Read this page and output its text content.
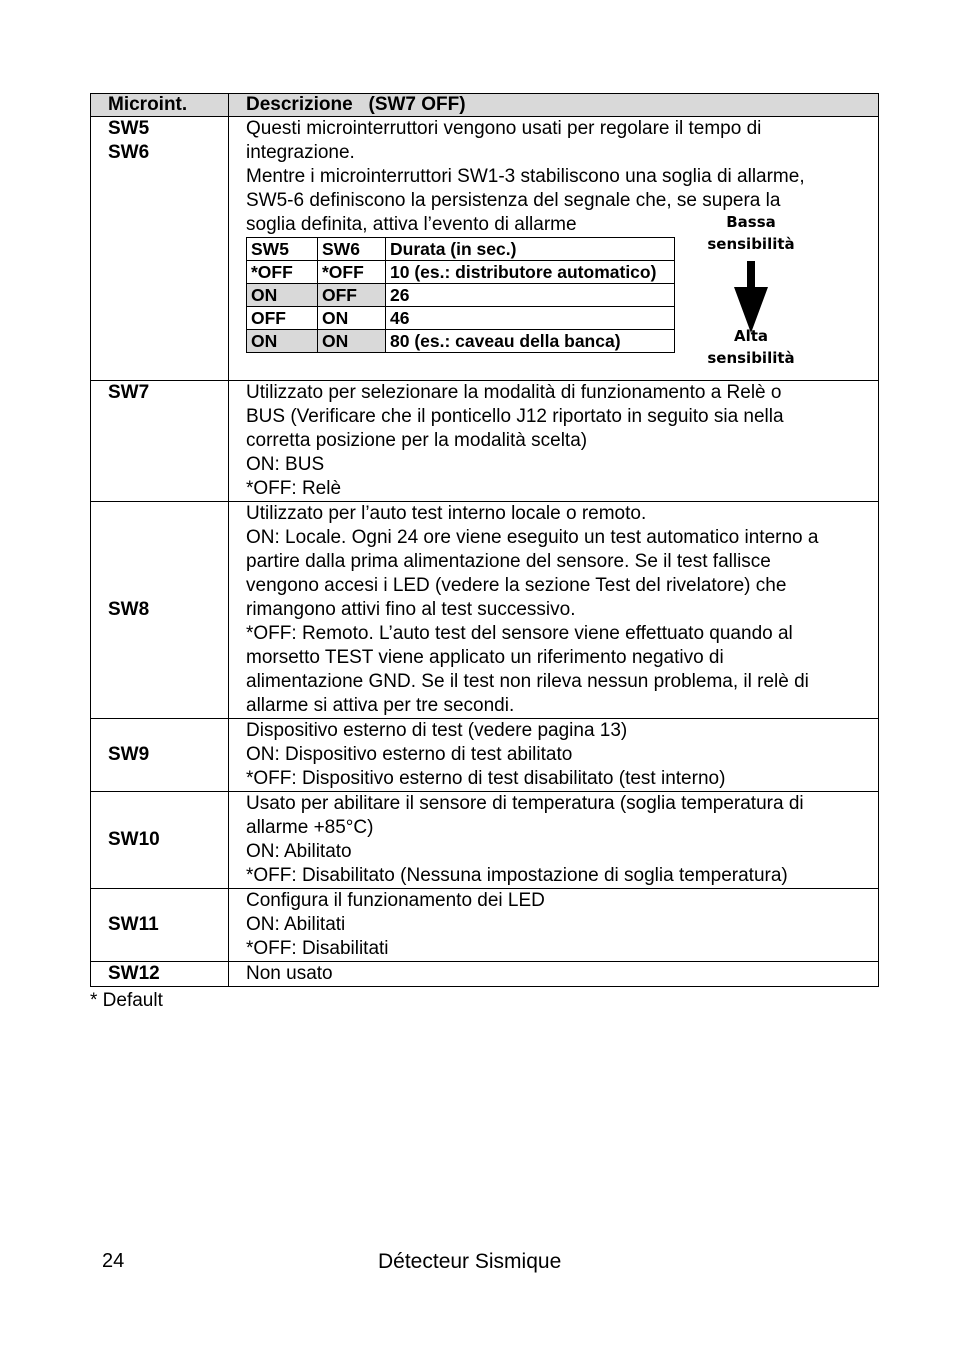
Microint.	Descrizione   (SW7 OFF)

SW5
SW6

Questi microinterruttori vengono usati per regolare il tempo di
integrazione.
Mentre i microinterruttori SW1-3 stabiliscono una soglia di allarme,
SW5-6 definiscono la persistenza del segnale che, se supera la
soglia definita, attiva l’evento di allarme
SW5	SW6	Durata (in sec.)
*OFF	*OFF	10 (es.: distributore automatico)
ON	OFF	26
OFF	ON	46
ON	ON	80 (es.: caveau della banca)
Bassa
sensibilità
Alta
sensibilità

SW7	Utilizzato per selezionare la modalità di funzionamento a Relè o
BUS (Verificare che il ponticello J12 riportato in seguito sia nella
corretta posizione per la modalità scelta)
ON: BUS
*OFF: Relè

SW8	
Utilizzato per l’auto test interno locale o remoto.
ON: Locale. Ogni 24 ore viene eseguito un test automatico interno a
partire dalla prima alimentazione del sensore. Se il test fallisce
vengono accesi i LED (vedere la sezione Test del rivelatore) che
rimangono attivi fino al test successivo.
*OFF: Remoto. L’auto test del sensore viene effettuato quando al
morsetto TEST viene applicato un riferimento negativo di
alimentazione GND. Se il test non rileva nessun problema, il relè di
allarme si attiva per tre secondi.

SW9	
Dispositivo esterno di test (vedere pagina 13)
ON: Dispositivo esterno di test abilitato
*OFF: Dispositivo esterno di test disabilitato (test interno)

SW10	
Usato per abilitare il sensore di temperatura (soglia temperatura di
allarme +85°C)
ON: Abilitato
*OFF: Disabilitato (Nessuna impostazione di soglia temperatura)

SW11	
Configura il funzionamento dei LED
ON: Abilitati
*OFF: Disabilitati

SW12	Non usato
* Default
24	Détecteur Sismique
